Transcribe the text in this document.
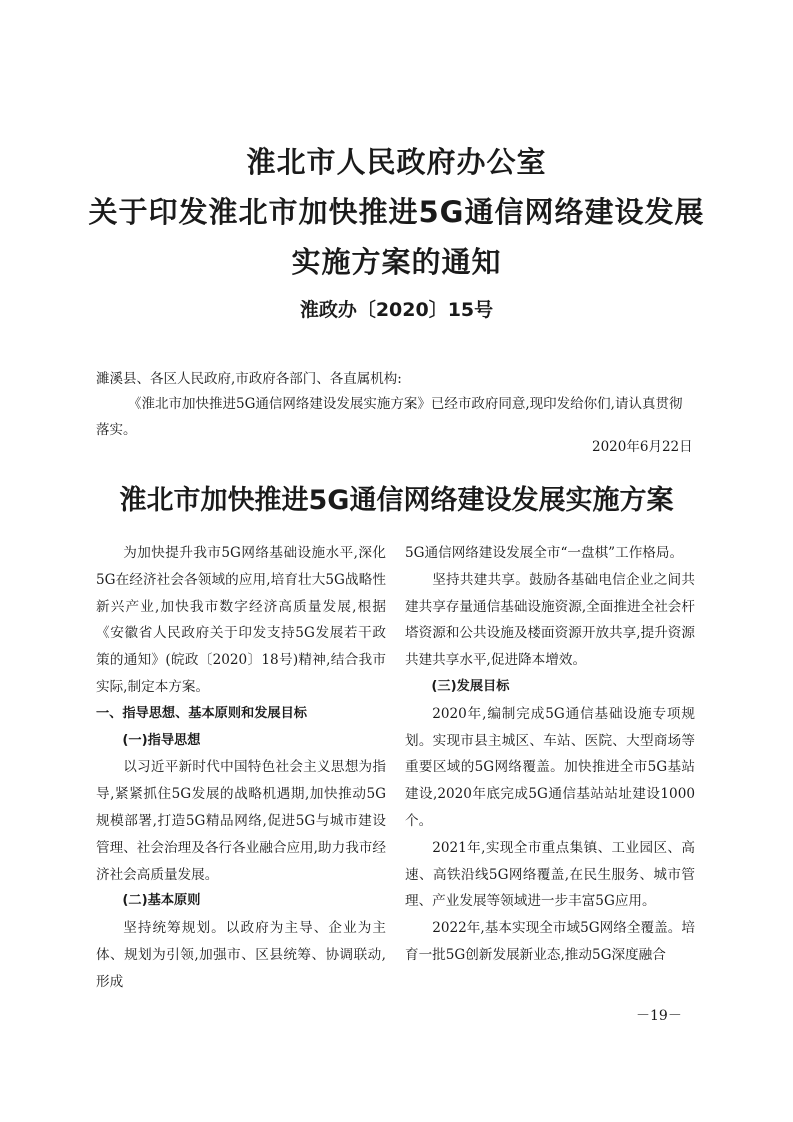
淮北市人民政府办公室
关于印发淮北市加快推进5G通信网络建设发展
实施方案的通知
淮政办〔2020〕15号
濉溪县、各区人民政府,市政府各部门、各直属机构:
《淮北市加快推进5G通信网络建设发展实施方案》已经市政府同意,现印发给你们,请认真贯彻
落实。
2020年6月22日
淮北市加快推进5G通信网络建设发展实施方案

为加快提升我市5G网络基础设施水平,深化5G在经济社会各领域的应用,培育壮大5G战略性新兴产业,加快我市数字经济高质量发展,根据《安徽省人民政府关于印发支持5G发展若干政策的通知》(皖政〔2020〕18号)精神,结合我市实际,制定本方案。

一、指导思想、基本原则和发展目标

(一)指导思想

以习近平新时代中国特色社会主义思想为指导,紧紧抓住5G发展的战略机遇期,加快推动5G规模部署,打造5G精品网络,促进5G与城市建设管理、社会治理及各行各业融合应用,助力我市经济社会高质量发展。

(二)基本原则

坚持统筹规划。以政府为主导、企业为主体、规划为引领,加强市、区县统筹、协调联动,形成

5G通信网络建设发展全市“一盘棋”工作格局。

坚持共建共享。鼓励各基础电信企业之间共建共享存量通信基础设施资源,全面推进全社会杆塔资源和公共设施及楼面资源开放共享,提升资源共建共享水平,促进降本增效。

(三)发展目标

2020年,编制完成5G通信基础设施专项规划。实现市县主城区、车站、医院、大型商场等重要区域的5G网络覆盖。加快推进全市5G基站建设,2020年底完成5G通信基站站址建设1000个。

2021年,实现全市重点集镇、工业园区、高速、高铁沿线5G网络覆盖,在民生服务、城市管理、产业发展等领域进一步丰富5G应用。

2022年,基本实现全市域5G网络全覆盖。培育一批5G创新发展新业态,推动5G深度融合

－19－
